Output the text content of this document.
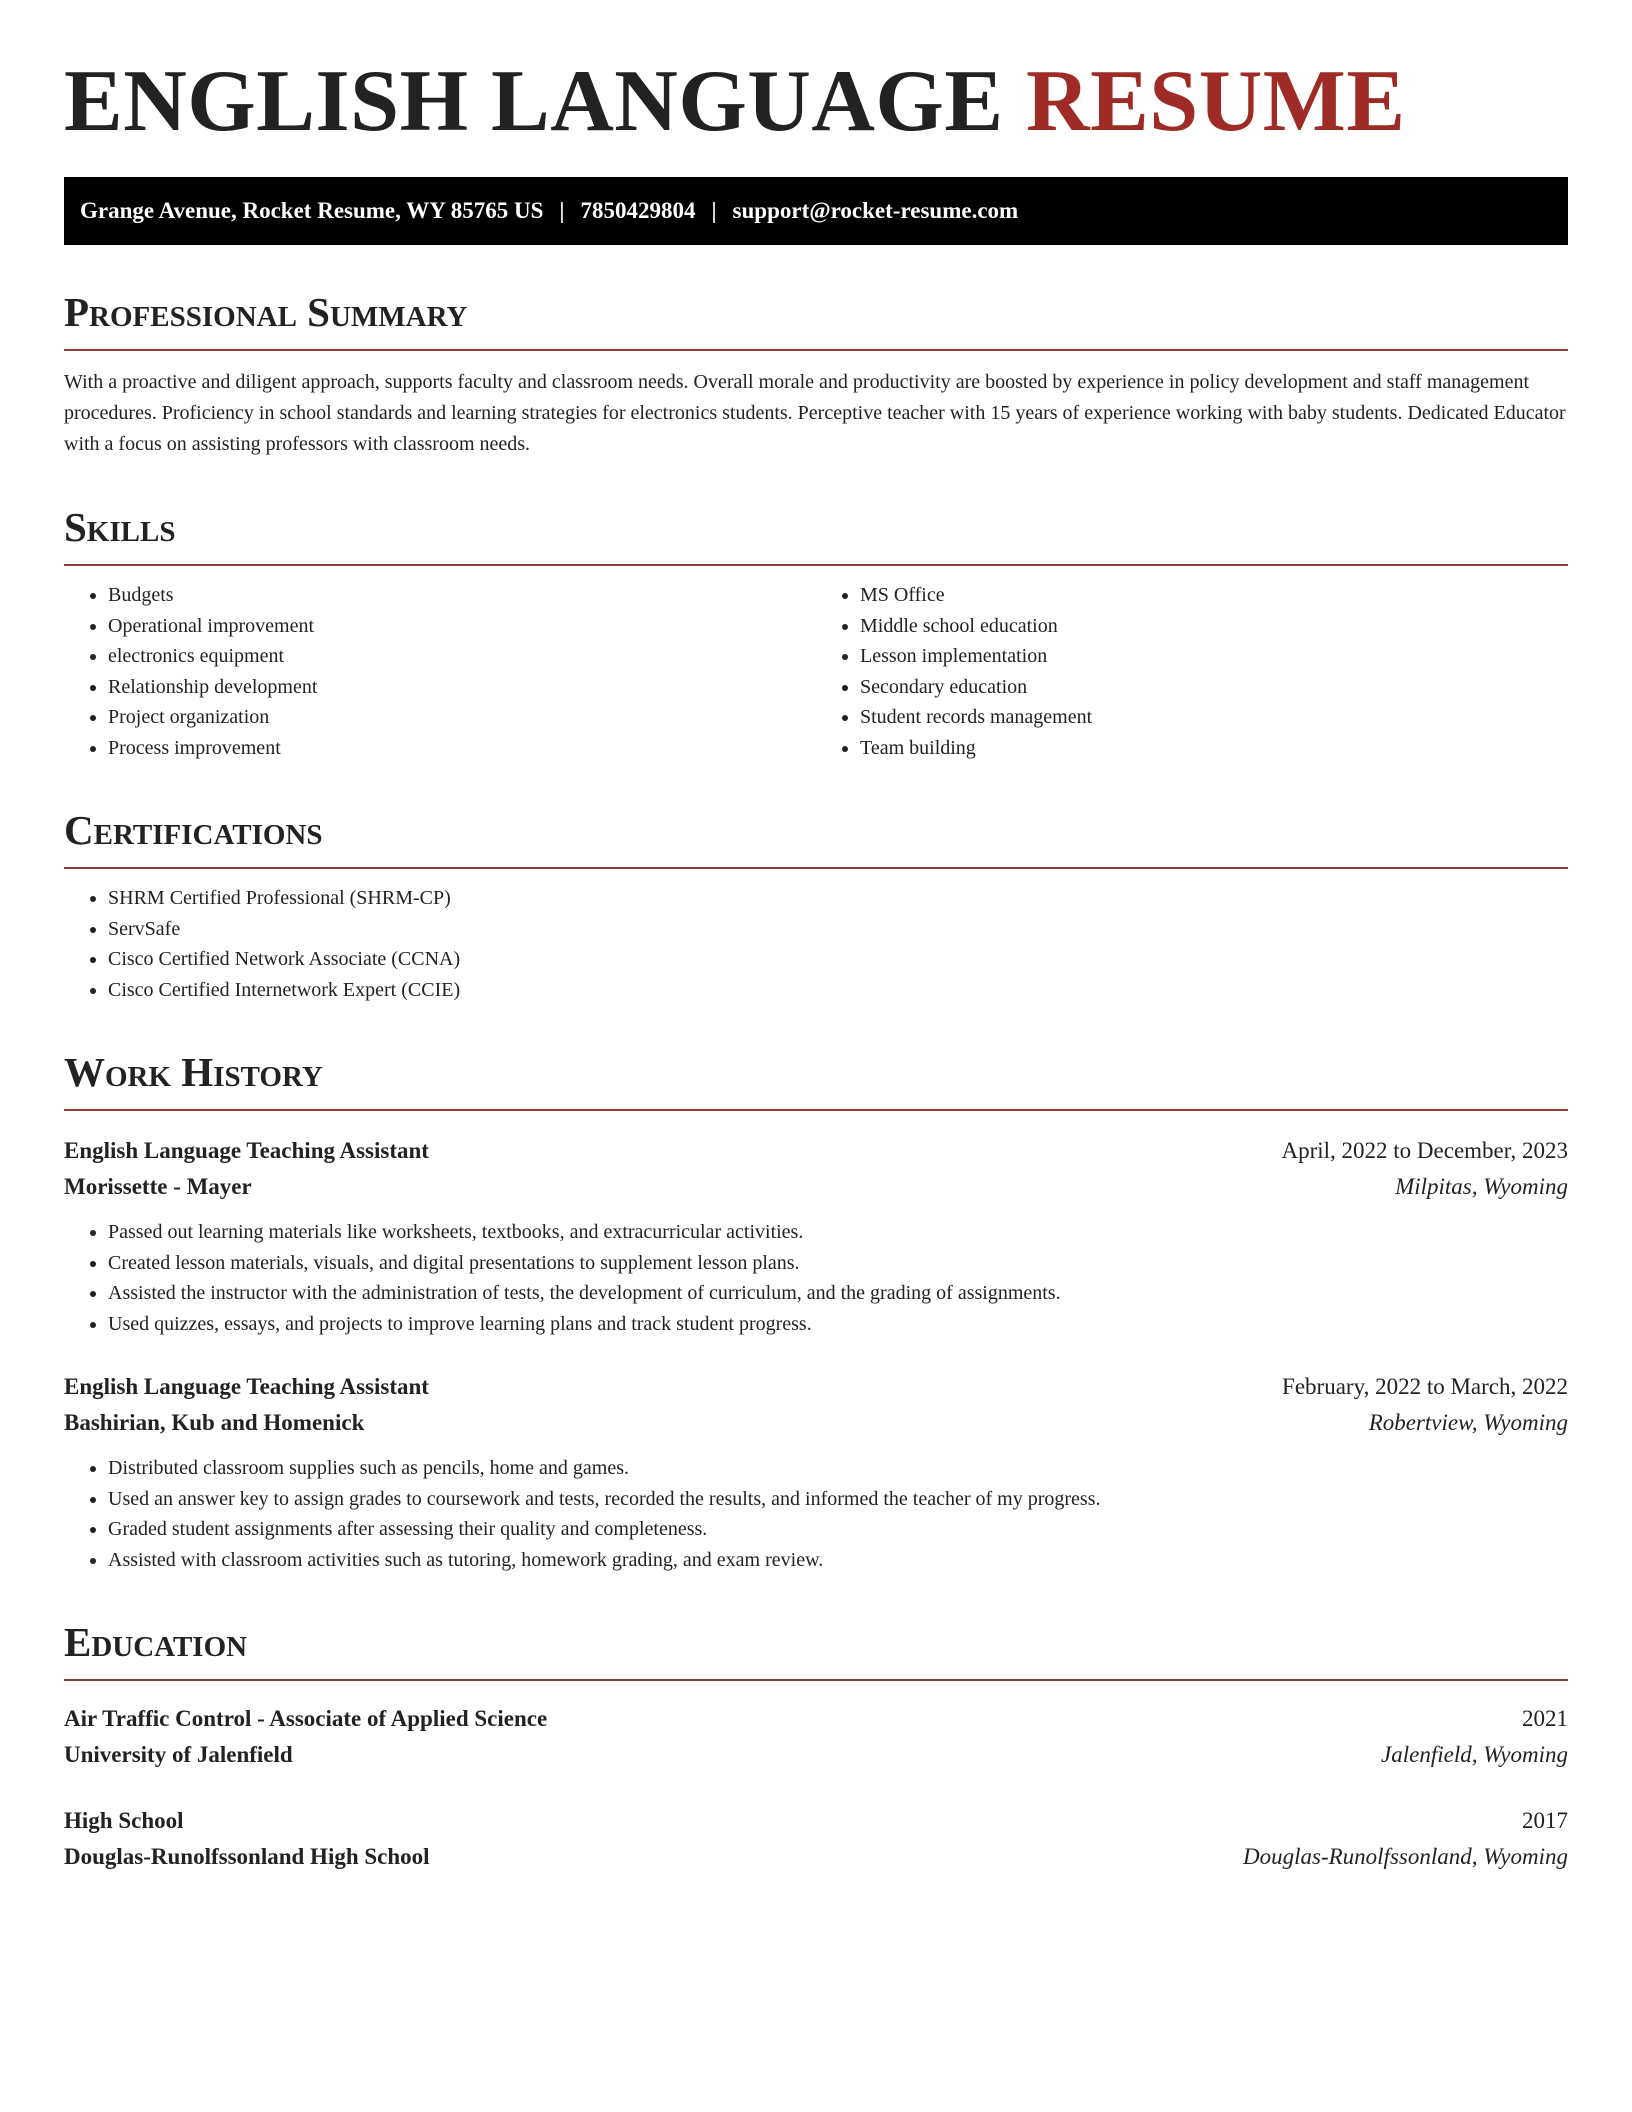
ENGLISH LANGUAGE RESUME
Grange Avenue, Rocket Resume, WY 85765 US | 7850429804 | support@rocket-resume.com
Professional Summary

With a proactive and diligent approach, supports faculty and classroom needs. Overall morale and productivity are boosted by experience in policy development and staff management procedures. Proficiency in school standards and learning strategies for electronics students. Perceptive teacher with 15 years of experience working with baby students. Dedicated Educator with a focus on assisting professors with classroom needs.

Skills
• Budgets
• Operational improvement
• electronics equipment
• Relationship development
• Project organization
• Process improvement
• MS Office
• Middle school education
• Lesson implementation
• Secondary education
• Student records management
• Team building
Certifications
• SHRM Certified Professional (SHRM-CP)
• ServSafe
• Cisco Certified Network Associate (CCNA)
• Cisco Certified Internetwork Expert (CCIE)
Work History
English Language Teaching Assistant	April, 2022 to December, 2023
Morissette - Mayer	Milpitas, Wyoming
• Passed out learning materials like worksheets, textbooks, and extracurricular activities.
• Created lesson materials, visuals, and digital presentations to supplement lesson plans.
• Assisted the instructor with the administration of tests, the development of curriculum, and the grading of assignments.
• Used quizzes, essays, and projects to improve learning plans and track student progress.
English Language Teaching Assistant	February, 2022 to March, 2022
Bashirian, Kub and Homenick	Robertview, Wyoming
• Distributed classroom supplies such as pencils, home and games.
• Used an answer key to assign grades to coursework and tests, recorded the results, and informed the teacher of my progress.
• Graded student assignments after assessing their quality and completeness.
• Assisted with classroom activities such as tutoring, homework grading, and exam review.
Education
Air Traffic Control - Associate of Applied Science	2021
University of Jalenfield	Jalenfield, Wyoming
High School	2017
Douglas-Runolfssonland High School	Douglas-Runolfssonland, Wyoming
